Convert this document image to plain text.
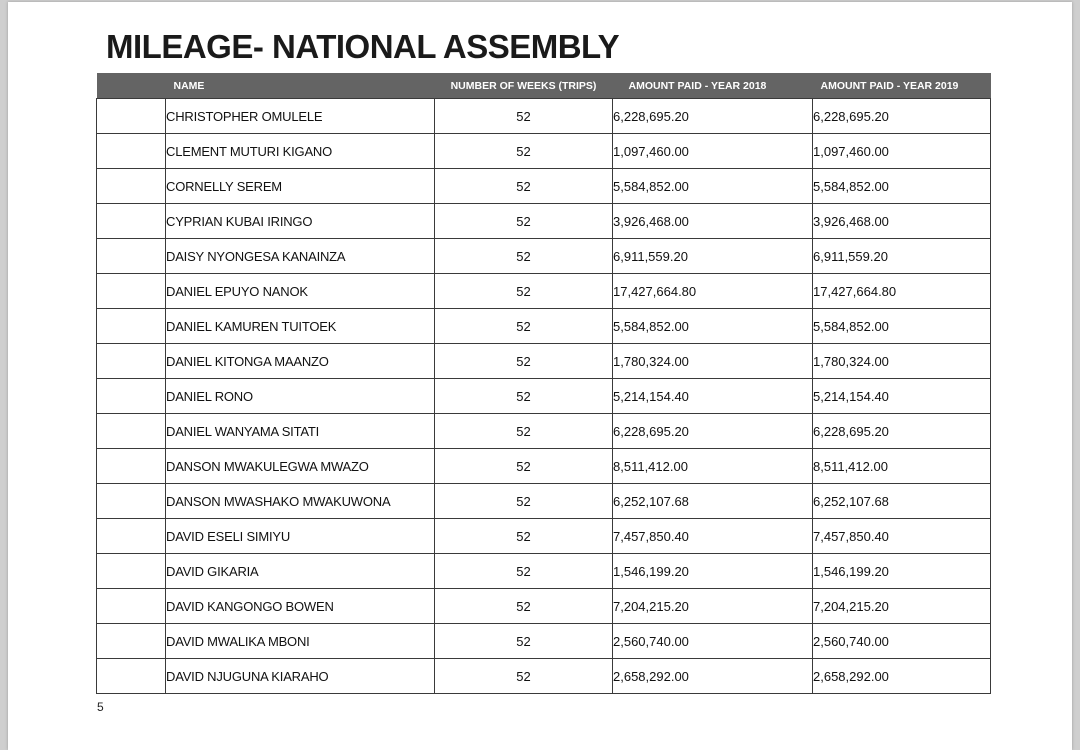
MILEAGE- NATIONAL ASSEMBLY
	NAME	NUMBER OF WEEKS (TRIPS)	AMOUNT PAID - YEAR 2018	AMOUNT PAID - YEAR 2019
	CHRISTOPHER OMULELE	52	6,228,695.20	6,228,695.20
	CLEMENT MUTURI KIGANO	52	1,097,460.00	1,097,460.00
	CORNELLY SEREM	52	5,584,852.00	5,584,852.00
	CYPRIAN KUBAI IRINGO	52	3,926,468.00	3,926,468.00
	DAISY NYONGESA KANAINZA	52	6,911,559.20	6,911,559.20
	DANIEL EPUYO NANOK	52	17,427,664.80	17,427,664.80
	DANIEL KAMUREN TUITOEK	52	5,584,852.00	5,584,852.00
	DANIEL KITONGA MAANZO	52	1,780,324.00	1,780,324.00
	DANIEL RONO	52	5,214,154.40	5,214,154.40
	DANIEL WANYAMA SITATI	52	6,228,695.20	6,228,695.20
	DANSON MWAKULEGWA MWAZO	52	8,511,412.00	8,511,412.00
	DANSON MWASHAKO MWAKUWONA	52	6,252,107.68	6,252,107.68
	DAVID ESELI SIMIYU	52	7,457,850.40	7,457,850.40
	DAVID GIKARIA	52	1,546,199.20	1,546,199.20
	DAVID KANGONGO BOWEN	52	7,204,215.20	7,204,215.20
	DAVID MWALIKA MBONI	52	2,560,740.00	2,560,740.00
	DAVID NJUGUNA KIARAHO	52	2,658,292.00	2,658,292.00
5
